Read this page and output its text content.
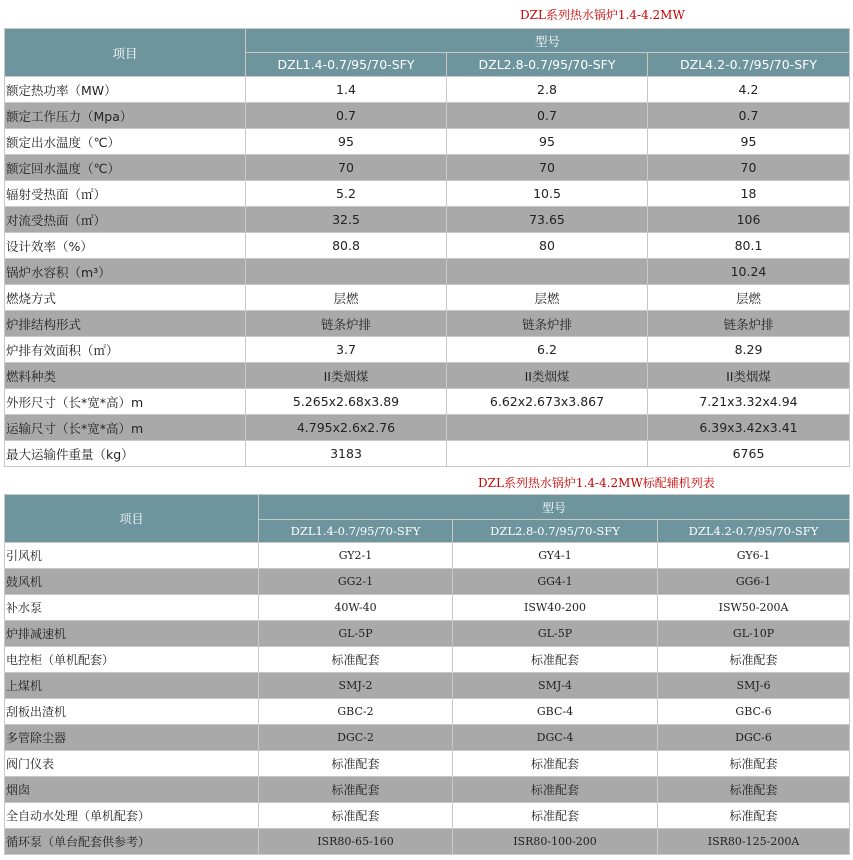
DZL系列热水锅炉1.4-4.2MW
项目	型号		
	DZL1.4-0.7/95/70-SFY	DZL2.8-0.7/95/70-SFY	DZL4.2-0.7/95/70-SFY
额定热功率（MW）	1.4	2.8	4.2
额定工作压力（Mpa）	0.7	0.7	0.7
额定出水温度（℃）	95	95	95
额定回水温度（℃）	70	70	70
辐射受热面（㎡）	5.2	10.5	18
对流受热面（㎡）	32.5	73.65	106
设计效率（%）	80.8	80	80.1
锅炉水容积（m³）			10.24
燃烧方式	层燃	层燃	层燃
炉排结构形式	链条炉排	链条炉排	链条炉排
炉排有效面积（㎡）	3.7	6.2	8.29
燃料种类	II类烟煤	II类烟煤	II类烟煤
外形尺寸（长*宽*高）m	5.265x2.68x3.89	6.62x2.673x3.867	7.21x3.32x4.94
运输尺寸（长*宽*高）m	4.795x2.6x2.76		6.39x3.42x3.41
最大运输件重量（kg）	3183		6765
DZL系列热水锅炉1.4-4.2MW标配辅机列表
项目	型号		
	DZL1.4-0.7/95/70-SFY	DZL2.8-0.7/95/70-SFY	DZL4.2-0.7/95/70-SFY
引风机	GY2-1	GY4-1	GY6-1
鼓风机	GG2-1	GG4-1	GG6-1
补水泵	40W-40	ISW40-200	ISW50-200A
炉排减速机	GL-5P	GL-5P	GL-10P
电控柜（单机配套）	标准配套	标准配套	标准配套
上煤机	SMJ-2	SMJ-4	SMJ-6
刮板出渣机	GBC-2	GBC-4	GBC-6
多管除尘器	DGC-2	DGC-4	DGC-6
阀门仪表	标准配套	标准配套	标准配套
烟囱	标准配套	标准配套	标准配套
全自动水处理（单机配套）	标准配套	标准配套	标准配套
循环泵（单台配套供参考）	ISR80-65-160	ISR80-100-200	ISR80-125-200A
